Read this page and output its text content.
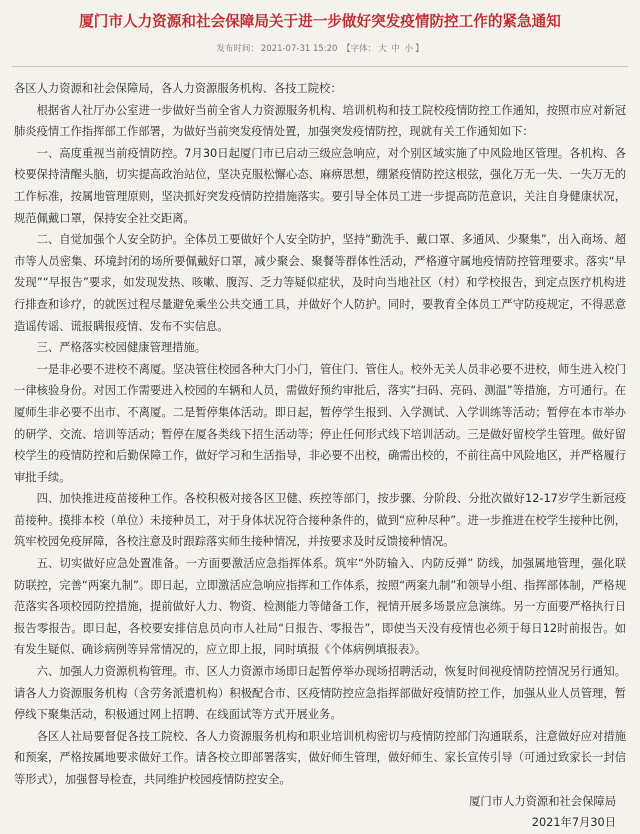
厦门市人力资源和社会保障局关于进一步做好突发疫情防控工作的紧急通知
发布时间： 2021-07-31 15:20 【字体： 大 中 小 】

各区人力资源和社会保障局，各人力资源服务机构、各技工院校：

根据省人社厅办公室进一步做好当前全省人力资源服务机构、培训机构和技工院校疫情防控工作通知，按照市应对新冠肺炎疫情工作指挥部工作部署，为做好当前突发疫情处置，加强突发疫情防控，现就有关工作通知如下：

一、高度重视当前疫情防控。7月30日起厦门市已启动三级应急响应，对个别区域实施了中风险地区管理。各机构、各校要保持清醒头脑，切实提高政治站位，坚决克服松懈心态、麻痹思想，绷紧疫情防控这根弦，强化万无一失、一失万无的工作标准，按属地管理原则，坚决抓好突发疫情防控措施落实。要引导全体员工进一步提高防范意识，关注自身健康状况，规范佩戴口罩，保持安全社交距离。

二、自觉加强个人安全防护。全体员工要做好个人安全防护，坚持“勤洗手、戴口罩、多通风、少聚集”，出入商场、超市等人员密集、环境封闭的场所要佩戴好口罩，减少聚会、聚餐等群体性活动，严格遵守属地疫情防控管理要求。落实“早发现”“早报告”要求，如发现发热、咳嗽、腹泻、乏力等疑似症状，及时向当地社区（村）和学校报告，到定点医疗机构进行排查和诊疗，的就医过程尽量避免乘坐公共交通工具，并做好个人防护。同时，要教育全体员工严守防疫规定，不得恶意造谣传谣、谎报瞒报疫情、发布不实信息。

三、严格落实校园健康管理措施。

一是非必要不进校不离厦。坚决管住校园各种大门小门，管住门、管住人。校外无关人员非必要不进校，师生进入校门一律核验身份。对因工作需要进入校园的车辆和人员，需做好预约审批后，落实“扫码、亮码、测温”等措施，方可通行。在厦师生非必要不出市、不离厦。二是暂停集体活动。即日起，暂停学生报到、入学测试、入学训练等活动；暂停在本市举办的研学、交流、培训等活动；暂停在厦各类线下招生活动等；停止任何形式线下培训活动。三是做好留校学生管理。做好留校学生的疫情防控和后勤保障工作，做好学习和生活指导，非必要不出校，确需出校的，不前往高中风险地区，并严格履行审批手续。

四、加快推进疫苗接种工作。各校积极对接各区卫健、疾控等部门，按步骤、分阶段、分批次做好12-17岁学生新冠疫苗接种。摸排本校（单位）未接种员工，对于身体状况符合接种条件的，做到“应种尽种”。进一步推进在校学生接种比例，筑牢校园免疫屏障，各校注意及时跟踪落实师生接种情况，并按要求及时反馈接种情况。

五、切实做好应急处置准备。一方面要激活应急指挥体系。筑牢“外防输入、内防反弹” 防线，加强属地管理，强化联防联控，完善“两案九制”。即日起，立即激活应急响应指挥和工作体系，按照“两案九制”和领导小组、指挥部体制，严格规范落实各项校园防控措施，提前做好人力、物资、检测能力等储备工作，视情开展多场景应急演练。另一方面要严格执行日报告零报告。即日起，各校要安排信息员向市人社局“日报告、零报告”，即使当天没有疫情也必须于每日12时前报告。如有发生疑似、确诊病例等异常情况的，应立即上报，同时填报《个体病例填报表》。

六、加强人力资源机构管理。市、区人力资源市场即日起暂停举办现场招聘活动，恢复时间视疫情防控情况另行通知。请各人力资源服务机构（含劳务派遣机构）积极配合市、区疫情防控应急指挥部做好疫情防控工作，加强从业人员管理，暂停线下聚集活动，积极通过网上招聘、在线面试等方式开展业务。

各区人社局要督促各技工院校、各人力资源服务机构和职业培训机构密切与疫情防控部门沟通联系，注意做好应对措施和预案，严格按属地要求做好工作。请各校立即部署落实，做好师生管理，做好师生、家长宣传引导（可通过致家长一封信等形式），加强督导检查，共同维护校园疫情防控安全。

厦门市人力资源和社会保障局
2021年7月30日
